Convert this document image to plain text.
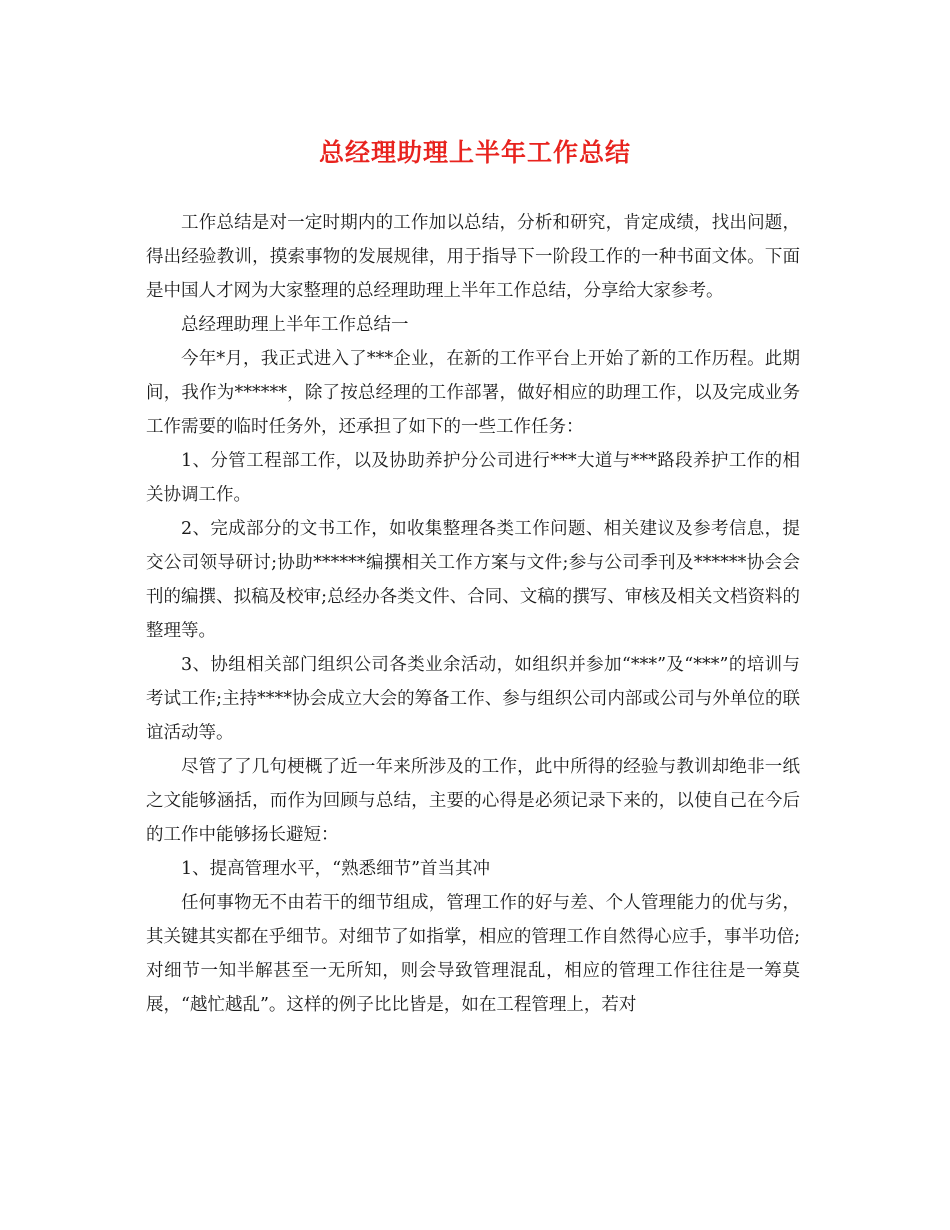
总经理助理上半年工作总结

工作总结是对一定时期内的工作加以总结，分析和研究，肯定成绩，找出问题，得出经验教训，摸索事物的发展规律，用于指导下一阶段工作的一种书面文体。下面是中国人才网为大家整理的总经理助理上半年工作总结，分享给大家参考。

总经理助理上半年工作总结一

今年*月，我正式进入了***企业，在新的工作平台上开始了新的工作历程。此期间，我作为******，除了按总经理的工作部署，做好相应的助理工作，以及完成业务工作需要的临时任务外，还承担了如下的一些工作任务：

1、分管工程部工作，以及协助养护分公司进行***大道与***路段养护工作的相关协调工作。

2、完成部分的文书工作，如收集整理各类工作问题、相关建议及参考信息，提交公司领导研讨;协助******编撰相关工作方案与文件;参与公司季刊及******协会会刊的编撰、拟稿及校审;总经办各类文件、合同、文稿的撰写、审核及相关文档资料的整理等。

3、协组相关部门组织公司各类业余活动，如组织并参加“***”及“***”的培训与考试工作;主持****协会成立大会的筹备工作、参与组织公司内部或公司与外单位的联谊活动等。

尽管了了几句梗概了近一年来所涉及的工作，此中所得的经验与教训却绝非一纸之文能够涵括，而作为回顾与总结，主要的心得是必须记录下来的，以使自己在今后的工作中能够扬长避短：

1、提高管理水平，“熟悉细节”首当其冲

任何事物无不由若干的细节组成，管理工作的好与差、个人管理能力的优与劣，其关键其实都在乎细节。对细节了如指掌，相应的管理工作自然得心应手，事半功倍;对细节一知半解甚至一无所知，则会导致管理混乱，相应的管理工作往往是一筹莫展，“越忙越乱”。这样的例子比比皆是，如在工程管理上，若对
